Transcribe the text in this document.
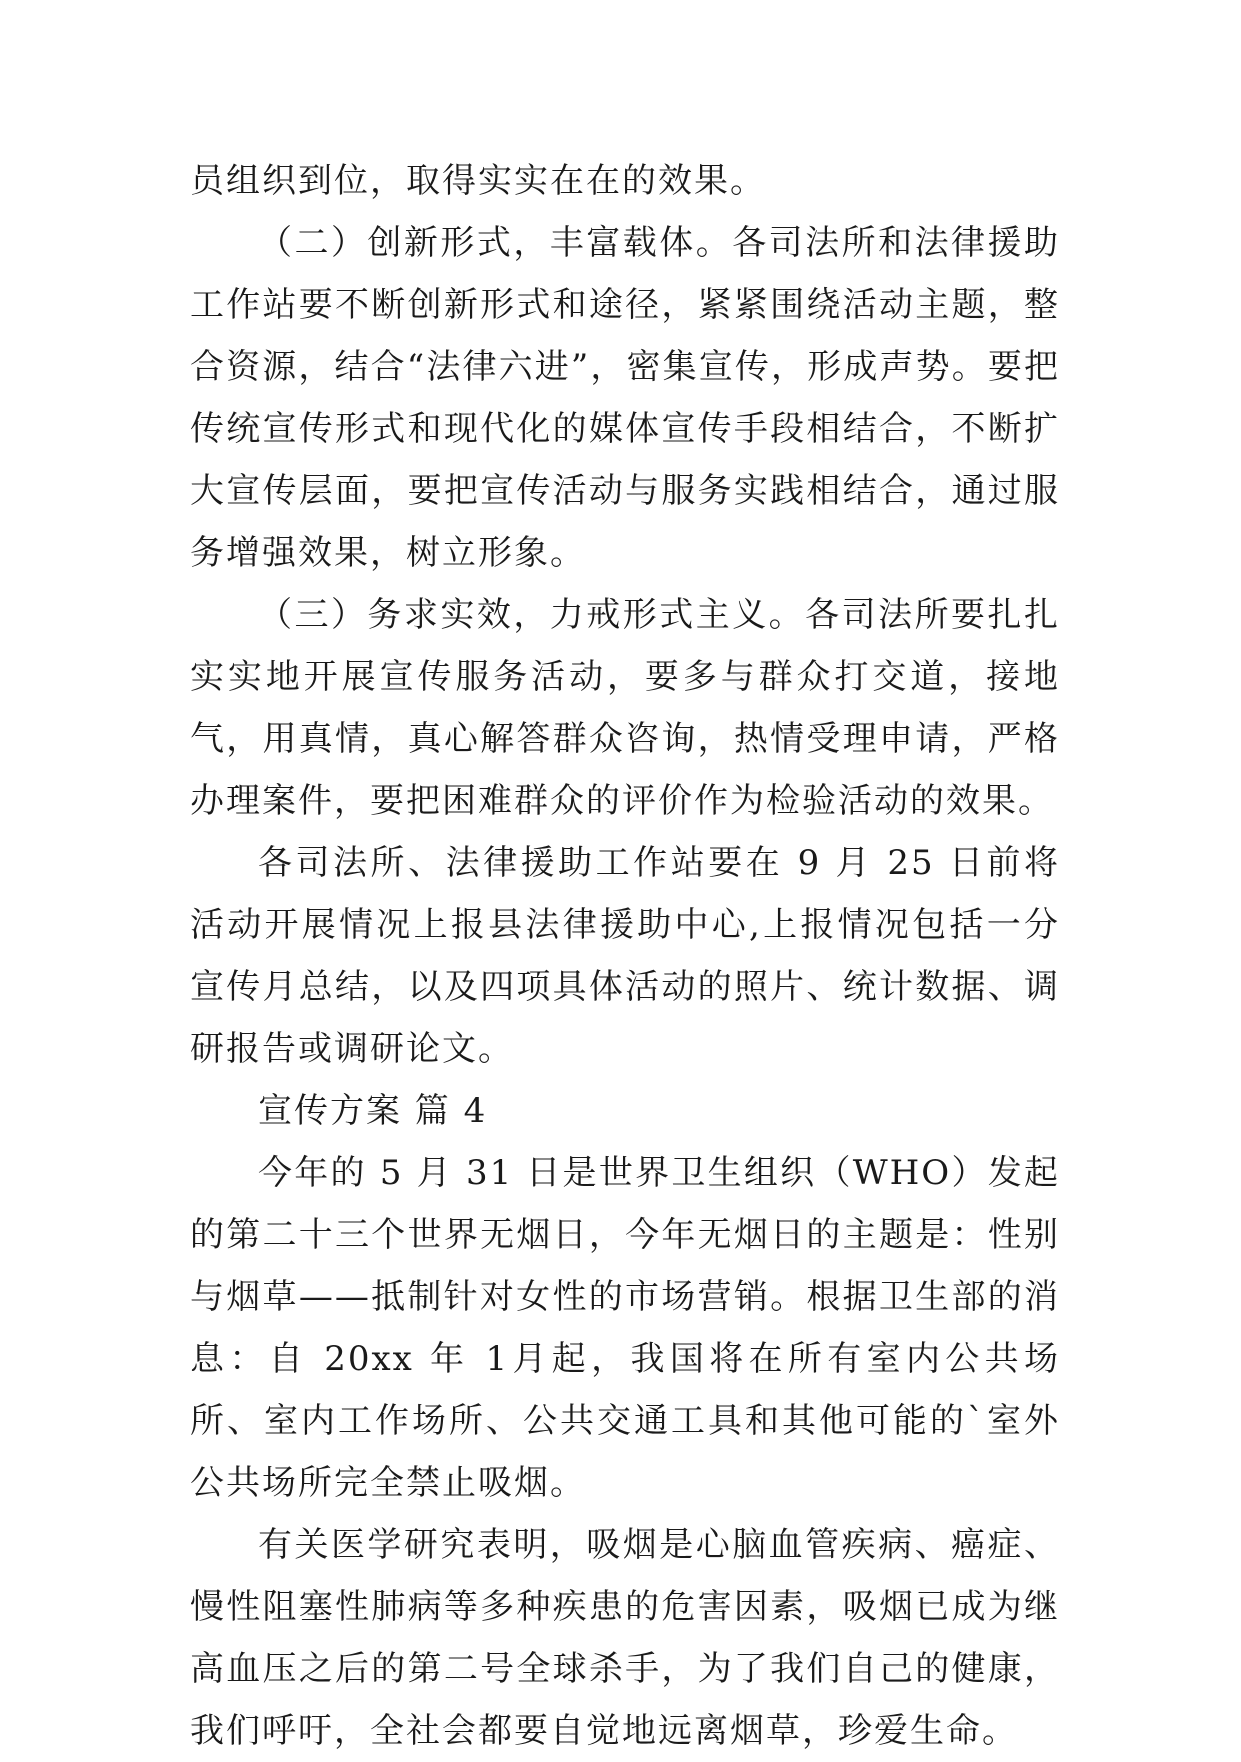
员组织到位，取得实实在在的效果。

（二）创新形式，丰富载体。各司法所和法律援助工作站要不断创新形式和途径，紧紧围绕活动主题，整合资源，结合“法律六进”，密集宣传，形成声势。要把传统宣传形式和现代化的媒体宣传手段相结合，不断扩大宣传层面，要把宣传活动与服务实践相结合，通过服务增强效果，树立形象。

（三）务求实效，力戒形式主义。各司法所要扎扎实实地开展宣传服务活动，要多与群众打交道，接地气，用真情，真心解答群众咨询，热情受理申请，严格办理案件，要把困难群众的评价作为检验活动的效果。

各司法所、法律援助工作站要在 9 月 25 日前将活动开展情况上报县法律援助中心,上报情况包括一分宣传月总结，以及四项具体活动的照片、统计数据、调研报告或调研论文。

宣传方案 篇 4

今年的 5 月 31 日是世界卫生组织（WHO）发起的第二十三个世界无烟日，今年无烟日的主题是：性别与烟草——抵制针对女性的市场营销。根据卫生部的消息：自 20xx 年 1月起，我国将在所有室内公共场所、室内工作场所、公共交通工具和其他可能的`室外公共场所完全禁止吸烟。

有关医学研究表明，吸烟是心脑血管疾病、癌症、慢性阻塞性肺病等多种疾患的危害因素，吸烟已成为继高血压之后的第二号全球杀手，为了我们自己的健康，我们呼吁，全社会都要自觉地远离烟草，珍爱生命。
